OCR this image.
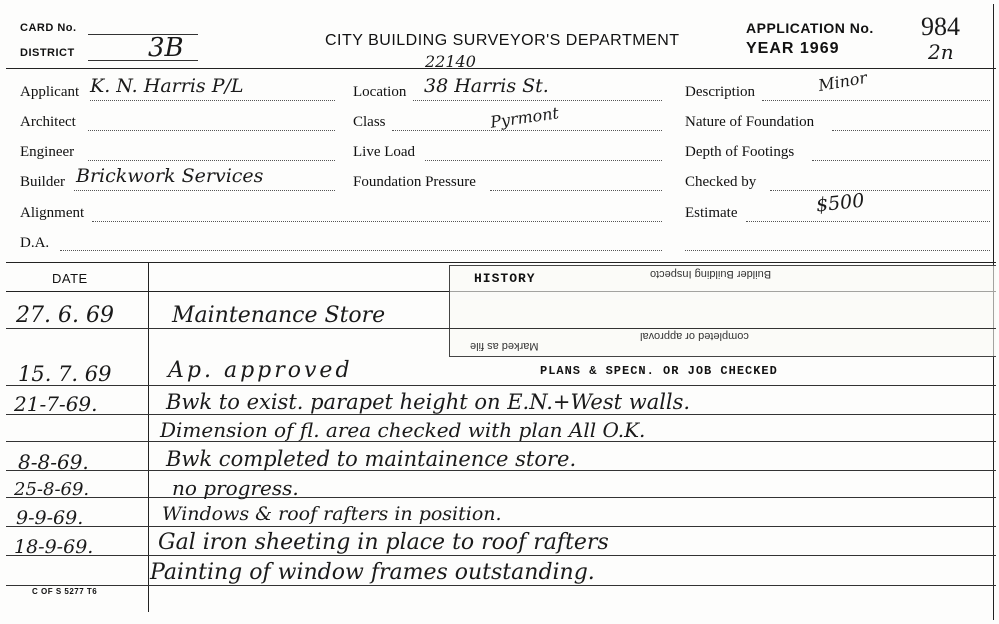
CARD No.
DISTRICT	3B	CITY BUILDING SURVEYOR'S DEPARTMENT
22140
APPLICATION No.
YEAR 1969
984
2n
Applicant K. N. Harris P/L
Architect
Engineer
Builder Brickwork Services
Alignment
D.A.
Location 38 Harris St.
Class	Pyrmont
Live Load
Foundation Pressure
Description	Minor
Nature of Foundation
Depth of Footings
Checked by
Estimate	$500
DATE	HISTORY	Builder Building Inspecto
completed or approval
Marked as file
27. 6. 69	Maintenance Store
15. 7. 69	Ap. approved	PLANS & SPECN. OR JOB CHECKED
21-7-69.	Bwk to exist. parapet height on E.N.+West walls.
Dimension of fl. area checked with plan All O.K.
8-8-69.	Bwk completed to maintainence store.
25-8-69.	no progress.
9-9-69.	Windows & roof rafters in position.
18-9-69.	Gal iron sheeting in place to roof rafters
Painting of window frames outstanding.
C OF S 5277 T6
